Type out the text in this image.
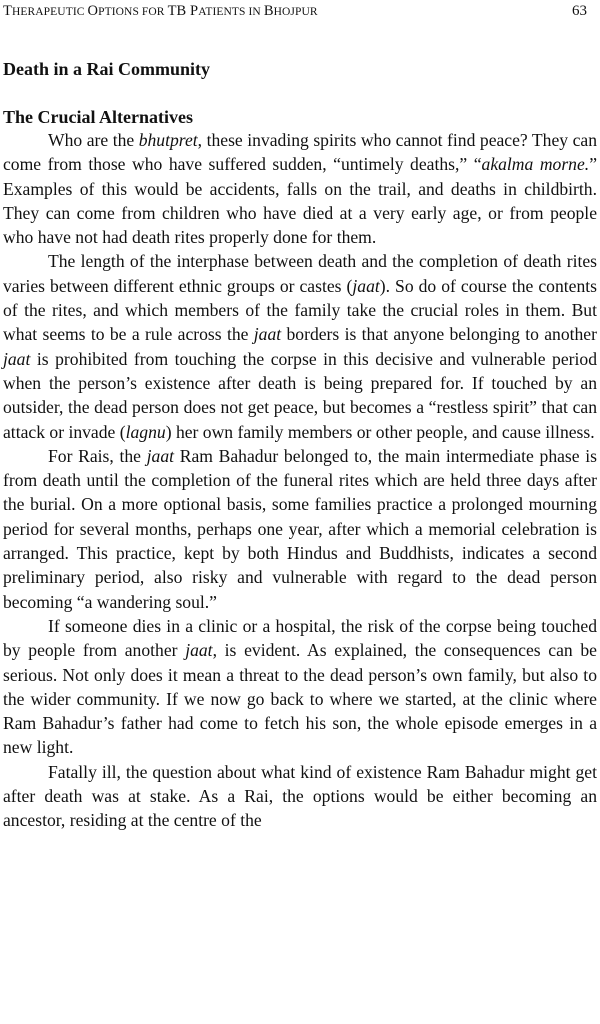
THERAPEUTIC OPTIONS FOR TB PATIENTS IN BHOJPUR	63
Death in a Rai Community
The Crucial Alternatives

Who are the bhutpret, these invading spirits who cannot find peace? They can come from those who have suffered sudden, “untimely deaths,” “akalma morne.” Examples of this would be accidents, falls on the trail, and deaths in childbirth. They can come from children who have died at a very early age, or from people who have not had death rites properly done for them.

The length of the interphase between death and the completion of death rites varies between different ethnic groups or castes (jaat). So do of course the contents of the rites, and which members of the family take the crucial roles in them. But what seems to be a rule across the jaat borders is that anyone belonging to another jaat is prohibited from touching the corpse in this decisive and vulnerable period when the person’s existence after death is being prepared for. If touched by an outsider, the dead person does not get peace, but becomes a “restless spirit” that can attack or invade (lagnu) her own family members or other people, and cause illness.

For Rais, the jaat Ram Bahadur belonged to, the main intermediate phase is from death until the completion of the funeral rites which are held three days after the burial. On a more optional basis, some families practice a prolonged mourning period for several months, perhaps one year, after which a memorial celebration is arranged. This practice, kept by both Hindus and Buddhists, indicates a second preliminary period, also risky and vulnerable with regard to the dead person becoming “a wandering soul.”

If someone dies in a clinic or a hospital, the risk of the corpse being touched by people from another jaat, is evident. As explained, the consequences can be serious. Not only does it mean a threat to the dead person’s own family, but also to the wider community. If we now go back to where we started, at the clinic where Ram Bahadur’s father had come to fetch his son, the whole episode emerges in a new light.

Fatally ill, the question about what kind of existence Ram Bahadur might get after death was at stake. As a Rai, the options would be either becoming an ancestor, residing at the centre of the
